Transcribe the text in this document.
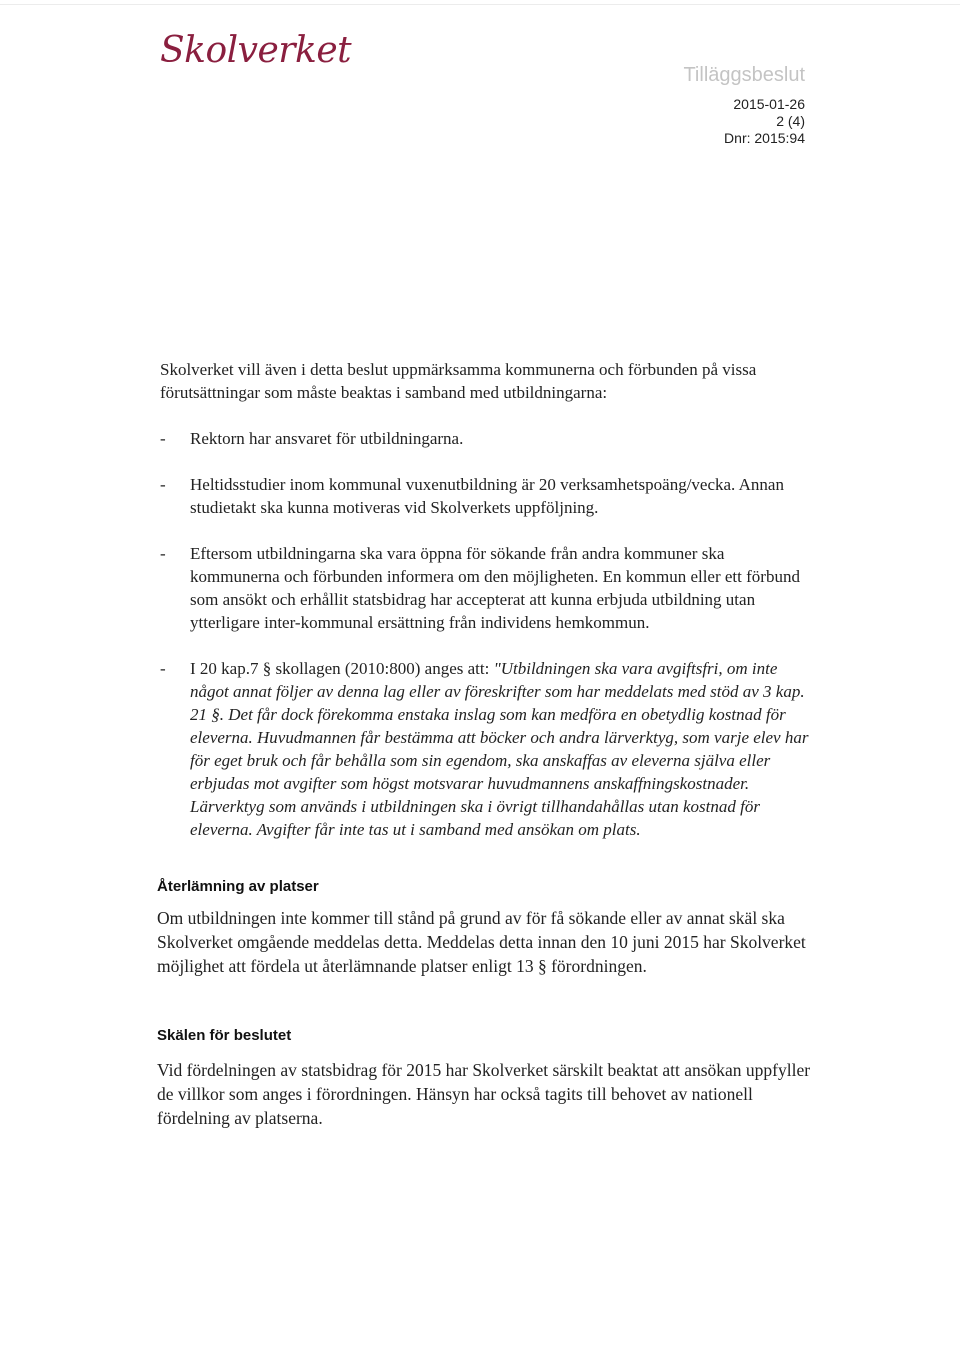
Skolverket
Tilläggsbeslut
2015-01-26
2 (4)
Dnr: 2015:94

Skolverket vill även i detta beslut uppmärksamma kommunerna och förbunden på vissa förutsättningar som måste beaktas i samband med utbildningarna:

- Rektorn har ansvaret för utbildningarna.
- Heltidsstudier inom kommunal vuxenutbildning är 20 verksamhetspoäng/vecka. Annan studietakt ska kunna motiveras vid Skolverkets uppföljning.
- Eftersom utbildningarna ska vara öppna för sökande från andra kommuner ska kommunerna och förbunden informera om den möjligheten. En kommun eller ett förbund som ansökt och erhållit statsbidrag har accepterat att kunna erbjuda utbildning utan ytterligare inter-kommunal ersättning från individens hemkommun.
- I 20 kap.7 § skollagen (2010:800) anges att: "Utbildningen ska vara avgiftsfri, om inte något annat följer av denna lag eller av föreskrifter som har meddelats med stöd av 3 kap. 21 §. Det får dock förekomma enstaka inslag som kan medföra en obetydlig kostnad för eleverna. Huvudmannen får bestämma att böcker och andra lärverktyg, som varje elev har för eget bruk och får behålla som sin egendom, ska anskaffas av eleverna själva eller erbjudas mot avgifter som högst motsvarar huvudmannens anskaffningskostnader. Lärverktyg som används i utbildningen ska i övrigt tillhandahållas utan kostnad för eleverna. Avgifter får inte tas ut i samband med ansökan om plats.
Återlämning av platser

Om utbildningen inte kommer till stånd på grund av för få sökande eller av annat skäl ska Skolverket omgående meddelas detta. Meddelas detta innan den 10 juni 2015 har Skolverket möjlighet att fördela ut återlämnande platser enligt 13 § förordningen.

Skälen för beslutet

Vid fördelningen av statsbidrag för 2015 har Skolverket särskilt beaktat att ansökan uppfyller de villkor som anges i förordningen. Hänsyn har också tagits till behovet av nationell fördelning av platserna.
